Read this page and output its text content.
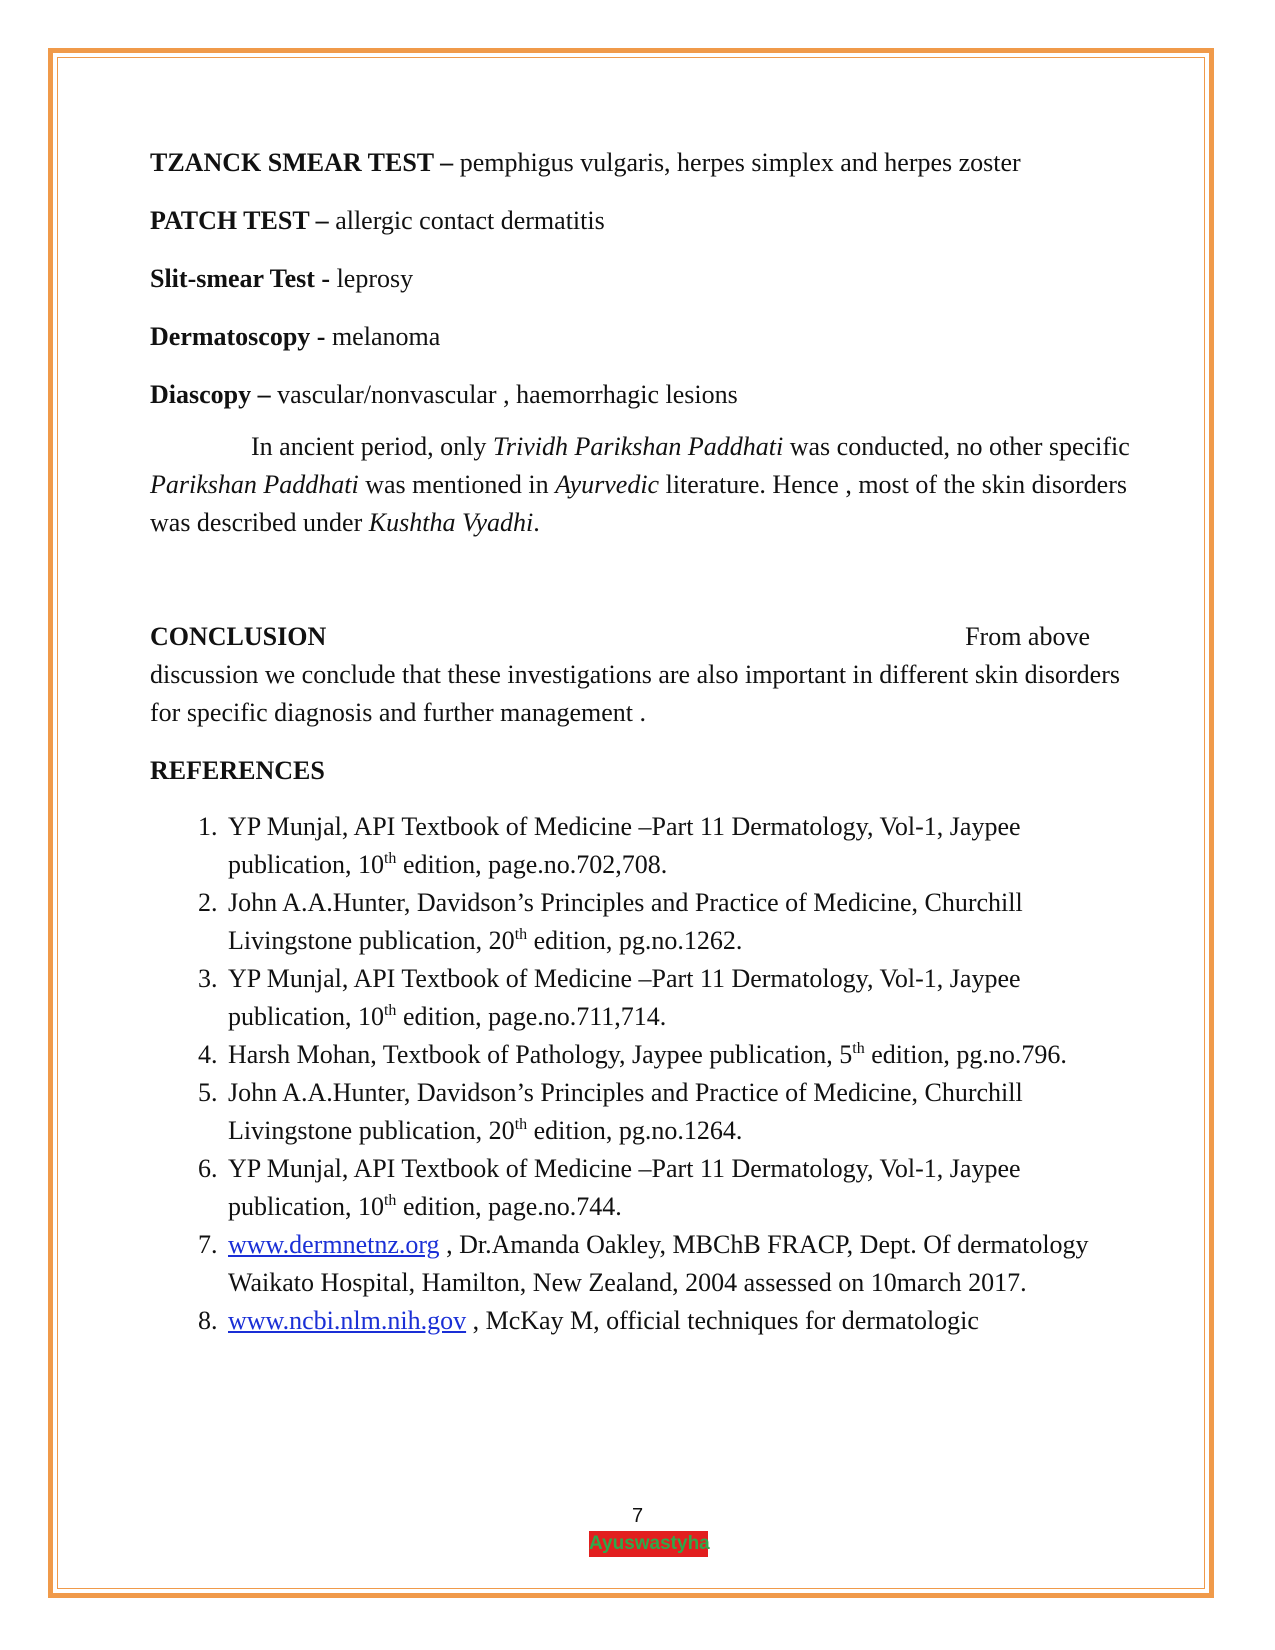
TZANCK SMEAR TEST – pemphigus vulgaris, herpes simplex and herpes zoster

PATCH TEST – allergic contact dermatitis

Slit-smear Test - leprosy

Dermatoscopy - melanoma

Diascopy – vascular/nonvascular , haemorrhagic lesions

In ancient period, only Trividh Parikshan Paddhati was conducted, no other specific Parikshan Paddhati was mentioned in Ayurvedic literature. Hence , most of the skin disorders was described under Kushtha Vyadhi.

CONCLUSION	From above

discussion we conclude that these investigations are also important in different skin disorders for specific diagnosis and further management .

REFERENCES

1. YP Munjal, API Textbook of Medicine –Part 11 Dermatology, Vol-1, Jaypee publication, 10th edition, page.no.702,708.
2. John A.A.Hunter, Davidson’s Principles and Practice of Medicine, Churchill Livingstone publication, 20th edition, pg.no.1262.
3. YP Munjal, API Textbook of Medicine –Part 11 Dermatology, Vol-1, Jaypee publication, 10th edition, page.no.711,714.
4. Harsh Mohan, Textbook of Pathology, Jaypee publication, 5th edition, pg.no.796.
5. John A.A.Hunter, Davidson’s Principles and Practice of Medicine, Churchill Livingstone publication, 20th edition, pg.no.1264.
6. YP Munjal, API Textbook of Medicine –Part 11 Dermatology, Vol-1, Jaypee publication, 10th edition, page.no.744.
7. www.dermnetnz.org , Dr.Amanda Oakley, MBChB FRACP, Dept. Of dermatology Waikato Hospital, Hamilton, New Zealand, 2004 assessed on 10march 2017.
8. www.ncbi.nlm.nih.gov , McKay M, official techniques for dermatologic
7
Ayuswastyha
